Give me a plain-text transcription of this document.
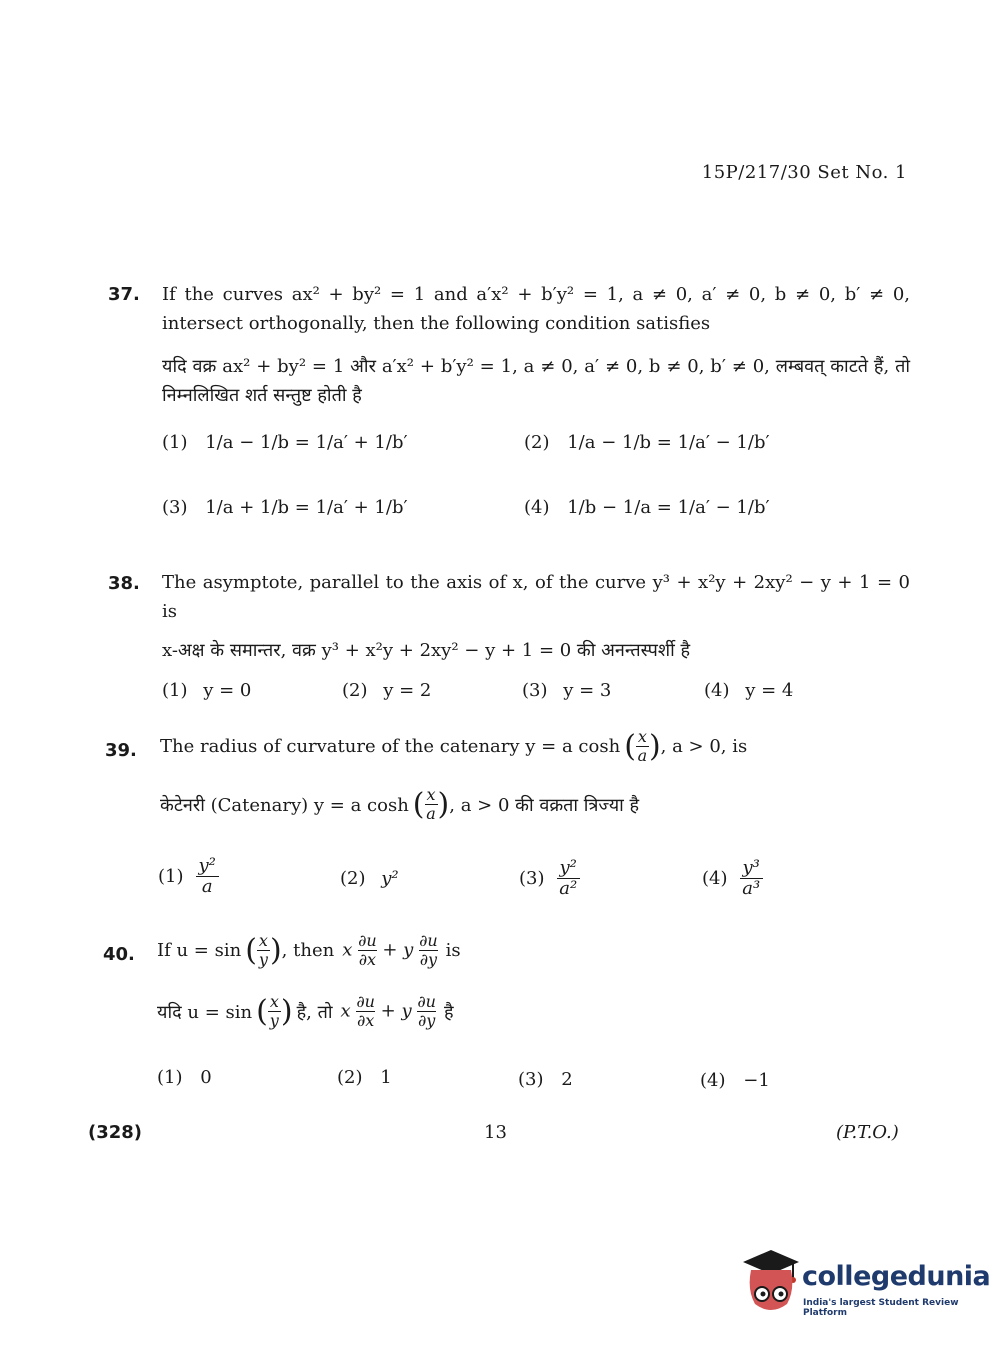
15P/217/30 Set No. 1
37. If the curves ax² + by² = 1 and a′x² + b′y² = 1, a ≠ 0, a′ ≠ 0, b ≠ 0, b′ ≠ 0, intersect orthogonally, then the following condition satisfies
यदि वक्र ax² + by² = 1 और a′x² + b′y² = 1, a ≠ 0, a′ ≠ 0, b ≠ 0, b′ ≠ 0, लम्बवत् काटते हैं, तो निम्नलिखित शर्त सन्तुष्ट होती है
(1) 1/a − 1/b = 1/a′ + 1/b′	(2) 1/a − 1/b = 1/a′ − 1/b′
(3) 1/a + 1/b = 1/a′ + 1/b′	(4) 1/b − 1/a = 1/a′ − 1/b′
38. The asymptote, parallel to the axis of x, of the curve y³ + x²y + 2xy² − y + 1 = 0 is
x-अक्ष के समान्तर, वक्र y³ + x²y + 2xy² − y + 1 = 0 की अनन्तस्पर्शी है
(1) y = 0	(2) y = 2	(3) y = 3	(4) y = 4
39. The radius of curvature of the catenary y = a cosh ( x
a ) , a > 0, is
केटेनरी (Catenary) y = a cosh ( x
a ) , a > 0 की वक्रता त्रिज्या है
$(1) \frac{\text{y²}}{a}$	(2) y²	$(3) \frac{\text{y²}}{\text{a²}}$	$(4) \frac{\text{y³}}{\text{a³}}$
40. If u = sin ( x
y ) , then x $\frac{\partial u}{\partial x} + y \frac{\partial u}{\partial y}$ is
यदि u = sin ( x
y ) है, तो x $\frac{\partial u}{\partial x} + y \frac{\partial u}{\partial y}$ है
(1) 0	(2) 1	(3) 2	(4) −1
(328)	13	(P.T.O.)
collegedunia
India's largest Student Review Platform
